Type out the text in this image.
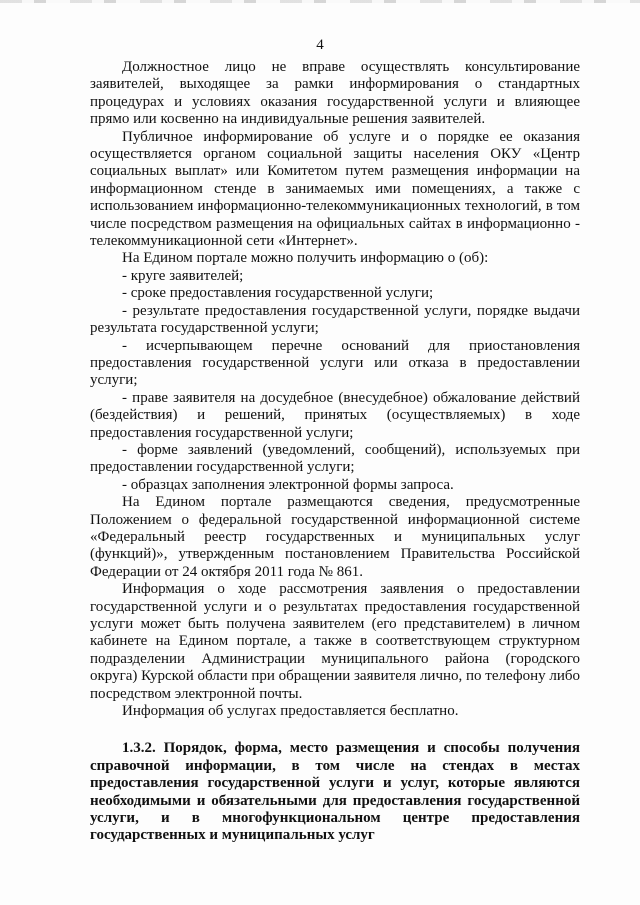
4

Должностное лицо не вправе осуществлять консультирование заявителей, выходящее за рамки информирования о стандартных процедурах и условиях оказания государственной услуги и влияющее прямо или косвенно на индивидуальные решения заявителей.

Публичное информирование об услуге и о порядке ее оказания осуществляется органом социальной защиты населения ОКУ «Центр социальных выплат» или Комитетом путем размещения информации на информационном стенде в занимаемых ими помещениях, а также с использованием информационно-телекоммуникационных технологий, в том числе посредством размещения на официальных сайтах в информационно - телекоммуникационной сети «Интернет».

На Едином портале можно получить информацию о (об):

- круге заявителей;

- сроке предоставления государственной услуги;

- результате предоставления государственной услуги, порядке выдачи результата государственной услуги;

- исчерпывающем перечне оснований для приостановления предоставления государственной услуги или отказа в предоставлении услуги;

- праве заявителя на досудебное (внесудебное) обжалование действий (бездействия) и решений, принятых (осуществляемых) в ходе предоставления государственной услуги;

- форме заявлений (уведомлений, сообщений), используемых при предоставлении государственной услуги;

- образцах заполнения электронной формы запроса.

На Едином портале размещаются сведения, предусмотренные Положением о федеральной государственной информационной системе «Федеральный реестр государственных и муниципальных услуг (функций)», утвержденным постановлением Правительства Российской Федерации от 24 октября 2011 года № 861.

Информация о ходе рассмотрения заявления о предоставлении государственной услуги и о результатах предоставления государственной услуги может быть получена заявителем (его представителем) в личном кабинете на Едином портале, а также в соответствующем структурном подразделении Администрации муниципального района (городского округа) Курской области при обращении заявителя лично, по телефону либо посредством электронной почты.

Информация об услугах предоставляется бесплатно.

1.3.2. Порядок, форма, место размещения и способы получения справочной информации, в том числе на стендах в местах предоставления государственной услуги и услуг, которые являются необходимыми и обязательными для предоставления государственной услуги, и в многофункциональном центре предоставления государственных и муниципальных услуг
